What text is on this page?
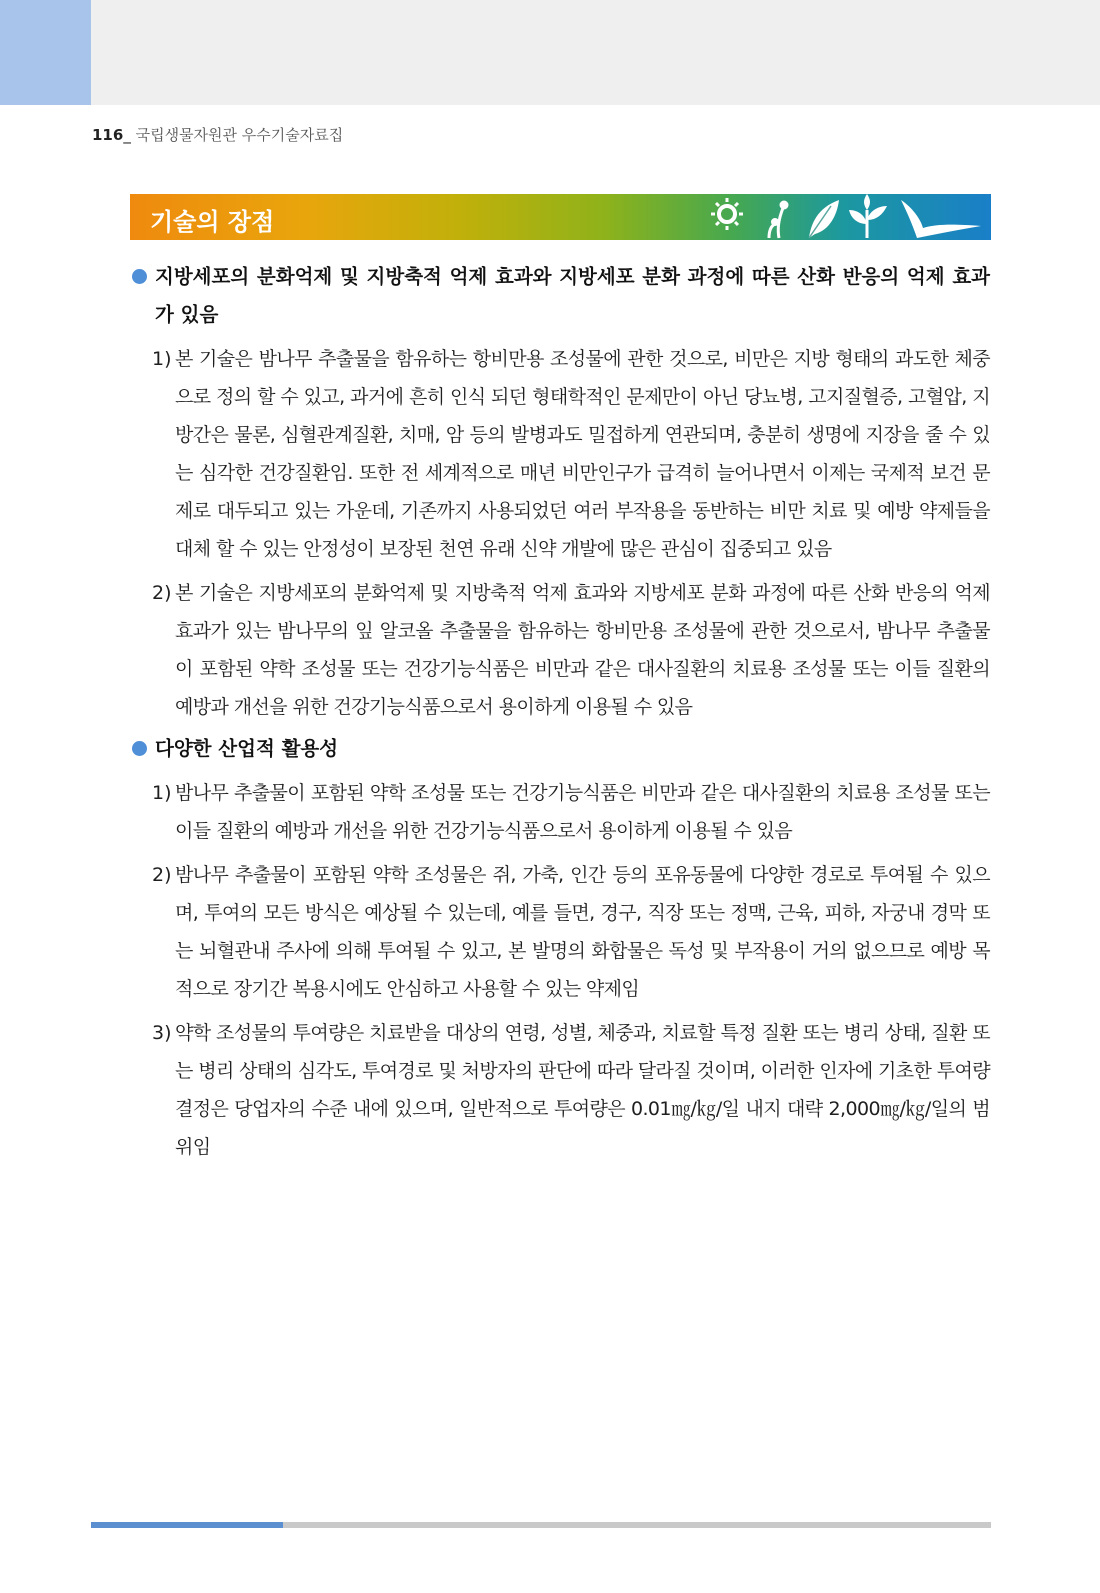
116_ 국립생물자원관 우수기술자료집
기술의 장점
지방세포의 분화억제 및 지방축적 억제 효과와 지방세포 분화 과정에 따른 산화 반응의 억제 효과가 있음
1) 본 기술은 밤나무 추출물을 함유하는 항비만용 조성물에 관한 것으로, 비만은 지방 형태의 과도한 체중으로 정의 할 수 있고, 과거에 흔히 인식 되던 형태학적인 문제만이 아닌 당뇨병, 고지질혈증, 고혈압, 지방간은 물론, 심혈관계질환, 치매, 암 등의 발병과도 밀접하게 연관되며, 충분히 생명에 지장을 줄 수 있는 심각한 건강질환임. 또한 전 세계적으로 매년 비만인구가 급격히 늘어나면서 이제는 국제적 보건 문제로 대두되고 있는 가운데, 기존까지 사용되었던 여러 부작용을 동반하는 비만 치료 및 예방 약제들을 대체 할 수 있는 안정성이 보장된 천연 유래 신약 개발에 많은 관심이 집중되고 있음
2) 본 기술은 지방세포의 분화억제 및 지방축적 억제 효과와 지방세포 분화 과정에 따른 산화 반응의 억제 효과가 있는 밤나무의 잎 알코올 추출물을 함유하는 항비만용 조성물에 관한 것으로서, 밤나무 추출물이 포함된 약학 조성물 또는 건강기능식품은 비만과 같은 대사질환의 치료용 조성물 또는 이들 질환의 예방과 개선을 위한 건강기능식품으로서 용이하게 이용될 수 있음
다양한 산업적 활용성
1) 밤나무 추출물이 포함된 약학 조성물 또는 건강기능식품은 비만과 같은 대사질환의 치료용 조성물 또는 이들 질환의 예방과 개선을 위한 건강기능식품으로서 용이하게 이용될 수 있음
2) 밤나무 추출물이 포함된 약학 조성물은 쥐, 가축, 인간 등의 포유동물에 다양한 경로로 투여될 수 있으며, 투여의 모든 방식은 예상될 수 있는데, 예를 들면, 경구, 직장 또는 정맥, 근육, 피하, 자궁내 경막 또는 뇌혈관내 주사에 의해 투여될 수 있고, 본 발명의 화합물은 독성 및 부작용이 거의 없으므로 예방 목적으로 장기간 복용시에도 안심하고 사용할 수 있는 약제임
3) 약학 조성물의 투여량은 치료받을 대상의 연령, 성별, 체중과, 치료할 특정 질환 또는 병리 상태, 질환 또는 병리 상태의 심각도, 투여경로 및 처방자의 판단에 따라 달라질 것이며, 이러한 인자에 기초한 투여량 결정은 당업자의 수준 내에 있으며, 일반적으로 투여량은 0.01㎎/㎏/일 내지 대략 2,000㎎/㎏/일의 범위임
